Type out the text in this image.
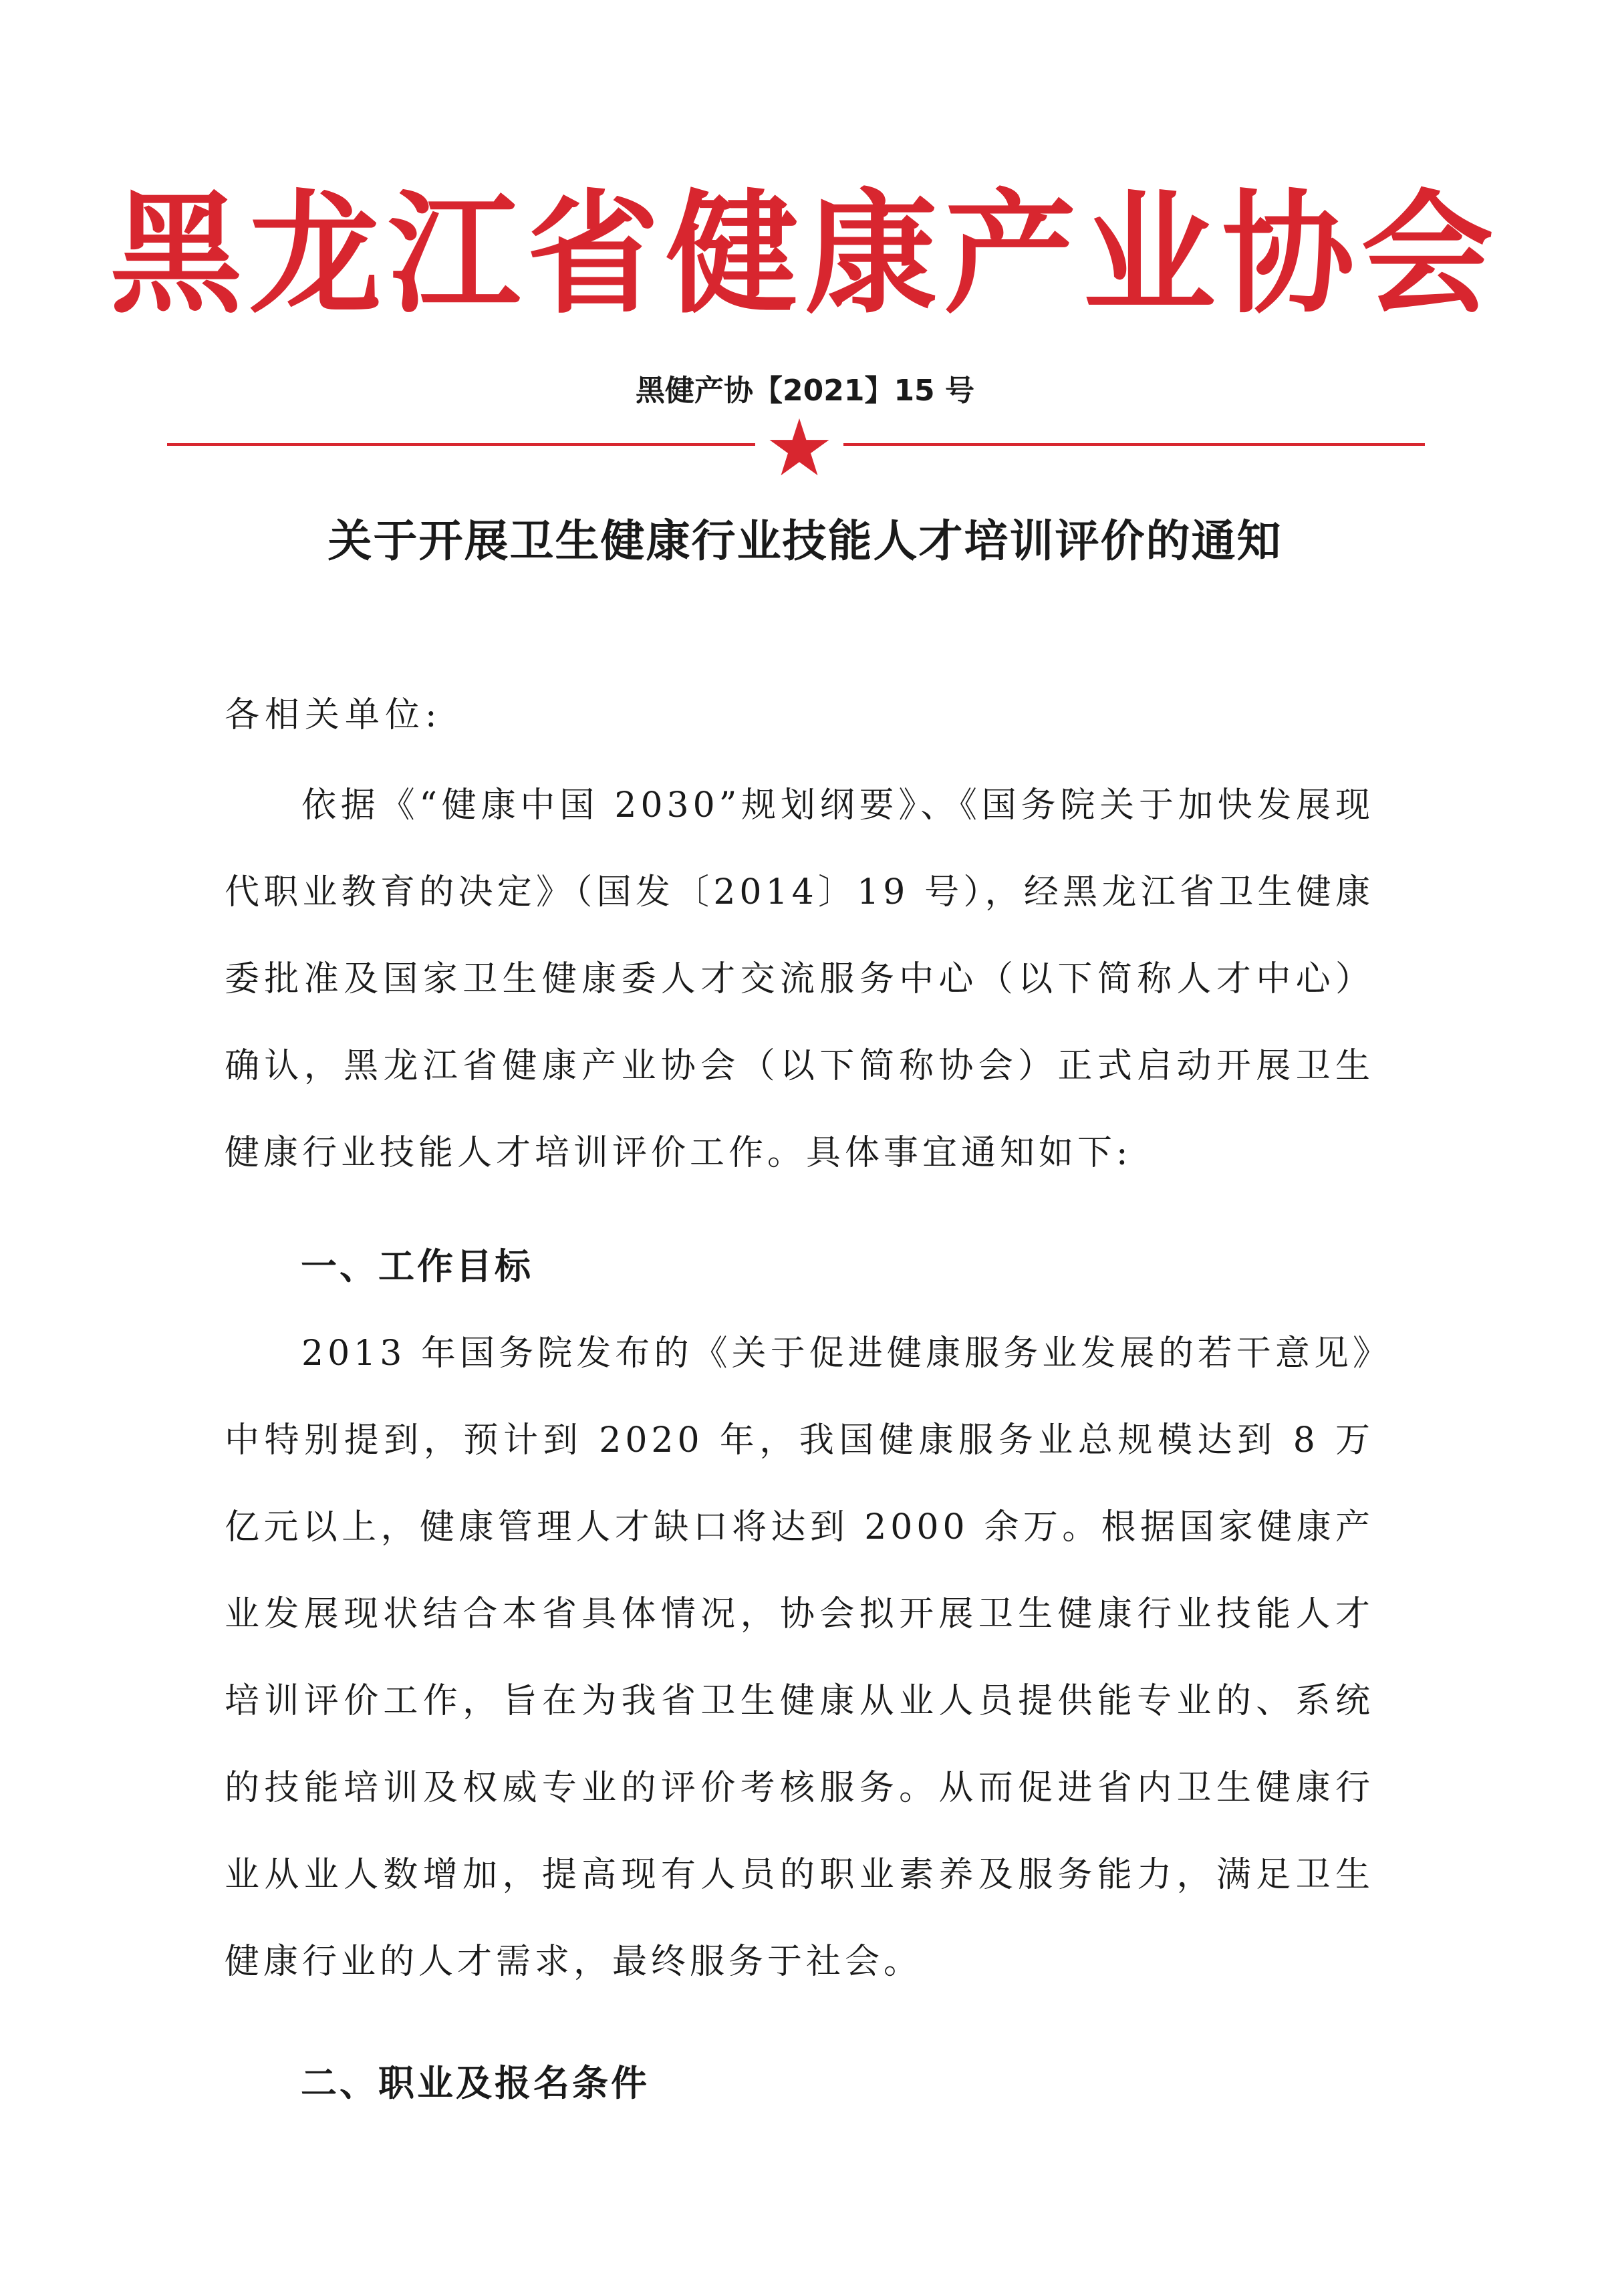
黑龙江省健康产业协会
黑健产协【2021】15 号
关于开展卫生健康行业技能人才培训评价的通知
各相关单位:

依据《“健康中国 2030”规划纲要》、《国务院关于加快发展现代职业教育的决定》（国发〔2014〕19 号），经黑龙江省卫生健康委批准及国家卫生健康委人才交流服务中心（以下简称人才中心）确认，黑龙江省健康产业协会（以下简称协会）正式启动开展卫生健康行业技能人才培训评价工作。具体事宜通知如下:

一、工作目标

2013 年国务院发布的《关于促进健康服务业发展的若干意见》中特别提到，预计到 2020 年，我国健康服务业总规模达到 8 万亿元以上，健康管理人才缺口将达到 2000 余万。根据国家健康产业发展现状结合本省具体情况，协会拟开展卫生健康行业技能人才培训评价工作，旨在为我省卫生健康从业人员提供能专业的、系统的技能培训及权威专业的评价考核服务。从而促进省内卫生健康行业从业人数增加，提高现有人员的职业素养及服务能力，满足卫生健康行业的人才需求，最终服务于社会。

二、职业及报名条件
